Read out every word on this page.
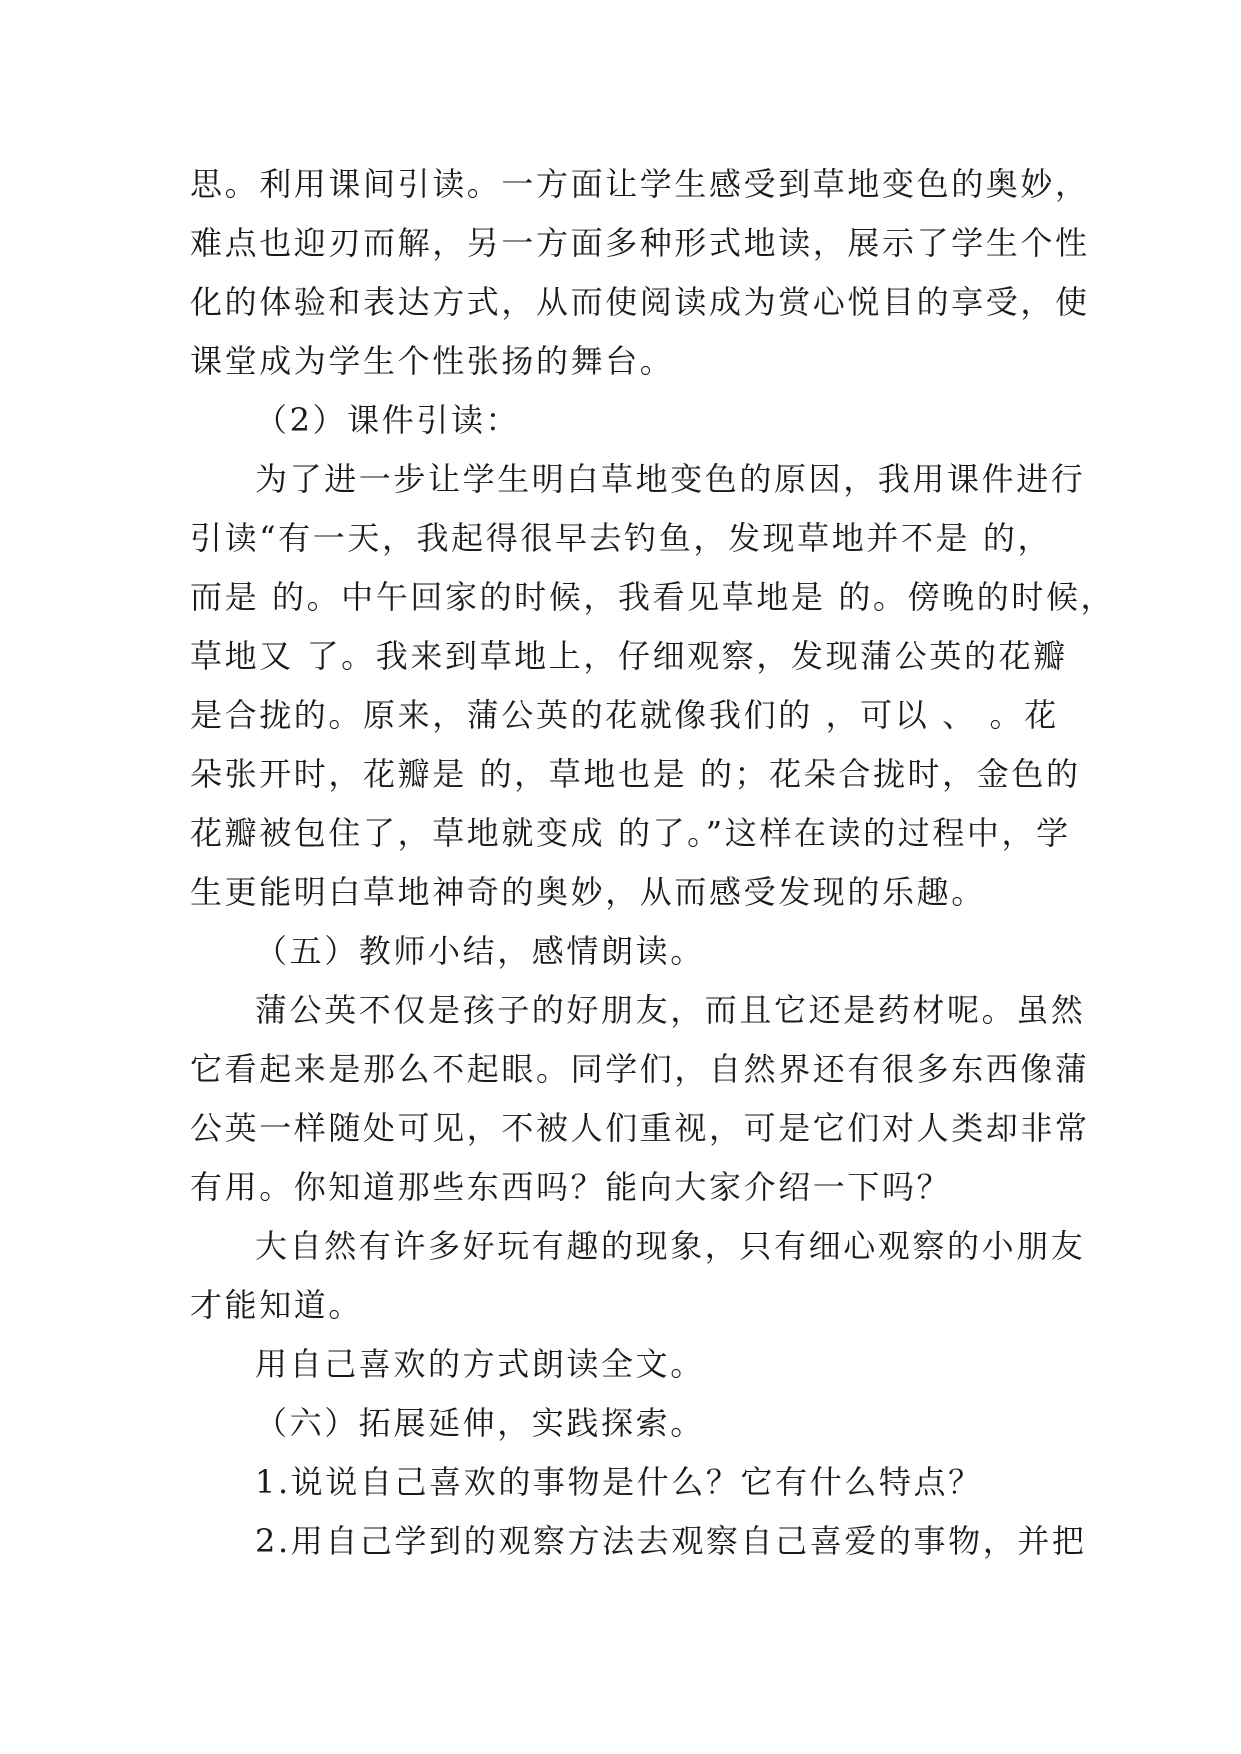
思。利用课间引读。一方面让学生感受到草地变色的奥妙，
难点也迎刃而解，另一方面多种形式地读，展示了学生个性
化的体验和表达方式，从而使阅读成为赏心悦目的享受，使
课堂成为学生个性张扬的舞台。
（2）课件引读：
为了进一步让学生明白草地变色的原因，我用课件进行
引读“有一天，我起得很早去钓鱼，发现草地并不是 的，
而是 的。中午回家的时候，我看见草地是 的。傍晚的时候，
草地又 了。我来到草地上，仔细观察，发现蒲公英的花瓣
是合拢的。原来，蒲公英的花就像我们的 ，可以 、 。花
朵张开时，花瓣是 的，草地也是 的；花朵合拢时，金色的
花瓣被包住了，草地就变成 的了。”这样在读的过程中，学
生更能明白草地神奇的奥妙，从而感受发现的乐趣。
（五）教师小结，感情朗读。
蒲公英不仅是孩子的好朋友，而且它还是药材呢。虽然
它看起来是那么不起眼。同学们，自然界还有很多东西像蒲
公英一样随处可见，不被人们重视，可是它们对人类却非常
有用。你知道那些东西吗？能向大家介绍一下吗？
大自然有许多好玩有趣的现象，只有细心观察的小朋友
才能知道。
用自己喜欢的方式朗读全文。
（六）拓展延伸，实践探索。
1.说说自己喜欢的事物是什么？它有什么特点？
2.用自己学到的观察方法去观察自己喜爱的事物，并把
